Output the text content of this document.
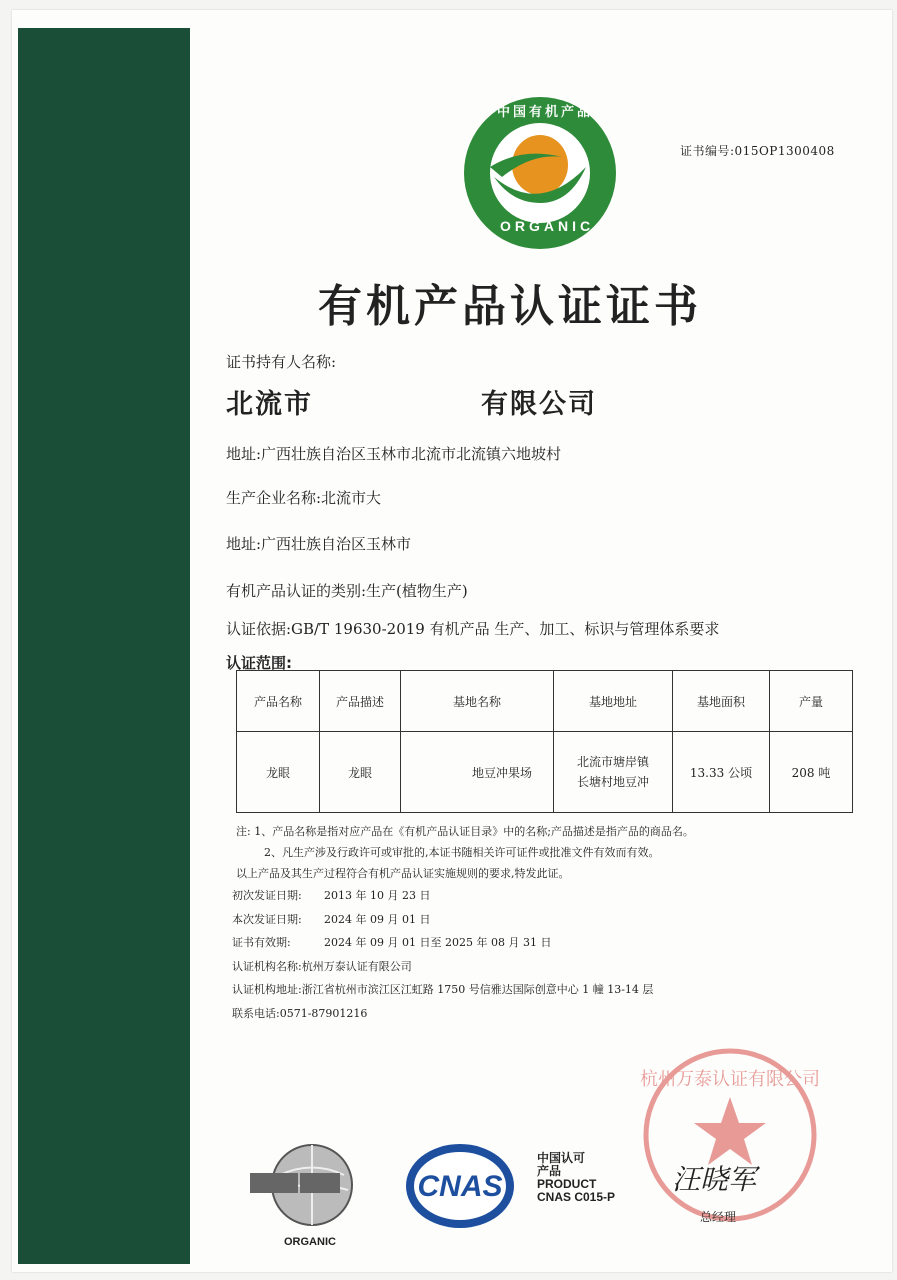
中国有机产品
ORGANIC
证书编号:015OP1300408
有机产品认证证书
证书持有人名称:
北流市	有限公司
地址:广西壮族自治区玉林市北流市北流镇六地坡村
生产企业名称:北流市大
地址:广西壮族自治区玉林市
有机产品认证的类别:生产(植物生产)
认证依据:GB/T 19630-2019 有机产品 生产、加工、标识与管理体系要求
认证范围:
产品名称	产品描述	基地名称	基地地址	基地面积	产量
龙眼	龙眼	地豆冲果场	北流市塘岸镇
长塘村地豆冲	13.33 公顷	208 吨
注: 1、产品名称是指对应产品在《有机产品认证目录》中的名称;产品描述是指产品的商品名。
2、凡生产涉及行政许可或审批的,本证书随相关许可证件或批准文件有效而有效。
以上产品及其生产过程符合有机产品认证实施规则的要求,特发此证。
初次发证日期: 2013 年 10 月 23 日
本次发证日期: 2024 年 09 月 01 日
证书有效期:	2024 年 09 月 01 日至 2025 年 08 月 31 日
认证机构名称:杭州万泰认证有限公司
认证机构地址:浙江省杭州市滨江区江虹路 1750 号信雅达国际创意中心 1 幢 13-14 层
联系电话:0571-87901216
ORGANIC
CNAS
中国认可
产品
PRODUCT
CNAS C015-P
杭州万泰认证有限公司
汪晓军
总经理
